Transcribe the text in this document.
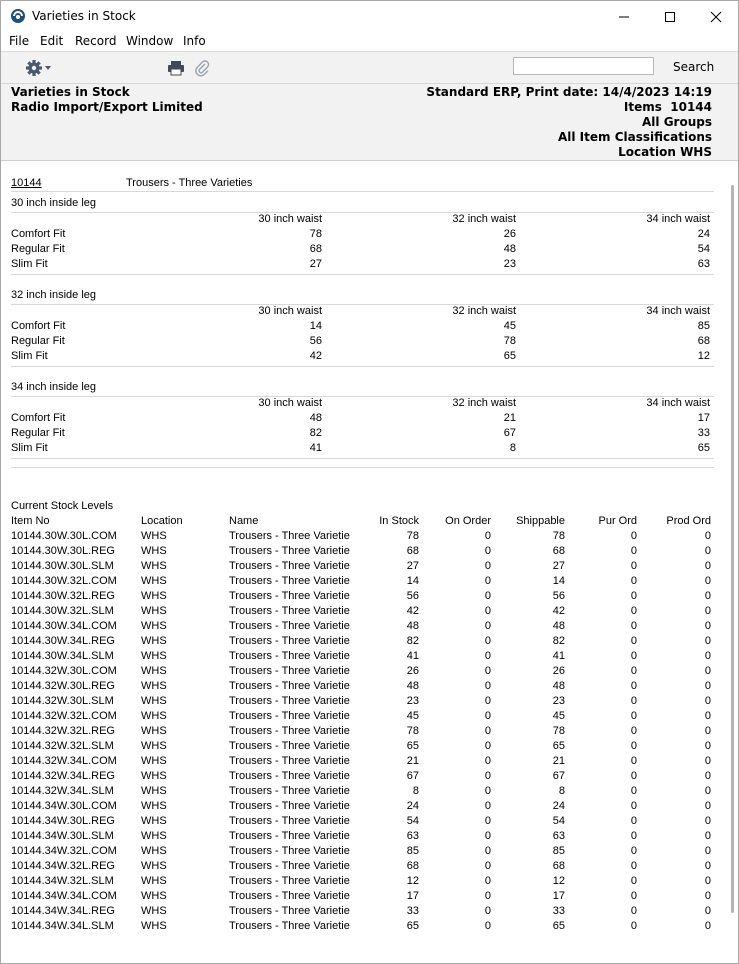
Varieties in Stock
File Edit Record Window Info
Search
Varieties in Stock
Radio Import/Export Limited
Standard ERP, Print date: 14/4/2023 14:19
Items  10144
All Groups
All Item Classifications
Location WHS
10144	Trousers - Three Varieties
30 inch inside leg
30 inch waist	32 inch waist	34 inch waist
Comfort Fit	78	26	24
Regular Fit	68	48	54
Slim Fit	27	23	63
32 inch inside leg
30 inch waist	32 inch waist	34 inch waist
Comfort Fit	14	45	85
Regular Fit	56	78	68
Slim Fit	42	65	12
34 inch inside leg
30 inch waist	32 inch waist	34 inch waist
Comfort Fit	48	21	17
Regular Fit	82	67	33
Slim Fit	41	8	65
Current Stock Levels
Item No	Location	Name	In Stock	On Order	Shippable	Pur Ord	Prod Ord
10144.30W.30L.COM WHS	Trousers - Three Varietie	78	0	78	0	0
10144.30W.30L.REG WHS	Trousers - Three Varietie	68	0	68	0	0
10144.30W.30L.SLM WHS	Trousers - Three Varietie	27	0	27	0	0
10144.30W.32L.COM WHS	Trousers - Three Varietie	14	0	14	0	0
10144.30W.32L.REG WHS	Trousers - Three Varietie	56	0	56	0	0
10144.30W.32L.SLM WHS	Trousers - Three Varietie	42	0	42	0	0
10144.30W.34L.COM WHS	Trousers - Three Varietie	48	0	48	0	0
10144.30W.34L.REG WHS	Trousers - Three Varietie	82	0	82	0	0
10144.30W.34L.SLM WHS	Trousers - Three Varietie	41	0	41	0	0
10144.32W.30L.COM WHS	Trousers - Three Varietie	26	0	26	0	0
10144.32W.30L.REG WHS	Trousers - Three Varietie	48	0	48	0	0
10144.32W.30L.SLM WHS	Trousers - Three Varietie	23	0	23	0	0
10144.32W.32L.COM WHS	Trousers - Three Varietie	45	0	45	0	0
10144.32W.32L.REG WHS	Trousers - Three Varietie	78	0	78	0	0
10144.32W.32L.SLM WHS	Trousers - Three Varietie	65	0	65	0	0
10144.32W.34L.COM WHS	Trousers - Three Varietie	21	0	21	0	0
10144.32W.34L.REG WHS	Trousers - Three Varietie	67	0	67	0	0
10144.32W.34L.SLM WHS	Trousers - Three Varietie	8	0	8	0	0
10144.34W.30L.COM WHS	Trousers - Three Varietie	24	0	24	0	0
10144.34W.30L.REG WHS	Trousers - Three Varietie	54	0	54	0	0
10144.34W.30L.SLM WHS	Trousers - Three Varietie	63	0	63	0	0
10144.34W.32L.COM WHS	Trousers - Three Varietie	85	0	85	0	0
10144.34W.32L.REG WHS	Trousers - Three Varietie	68	0	68	0	0
10144.34W.32L.SLM WHS	Trousers - Three Varietie	12	0	12	0	0
10144.34W.34L.COM WHS	Trousers - Three Varietie	17	0	17	0	0
10144.34W.34L.REG WHS	Trousers - Three Varietie	33	0	33	0	0
10144.34W.34L.SLM WHS	Trousers - Three Varietie	65	0	65	0	0
